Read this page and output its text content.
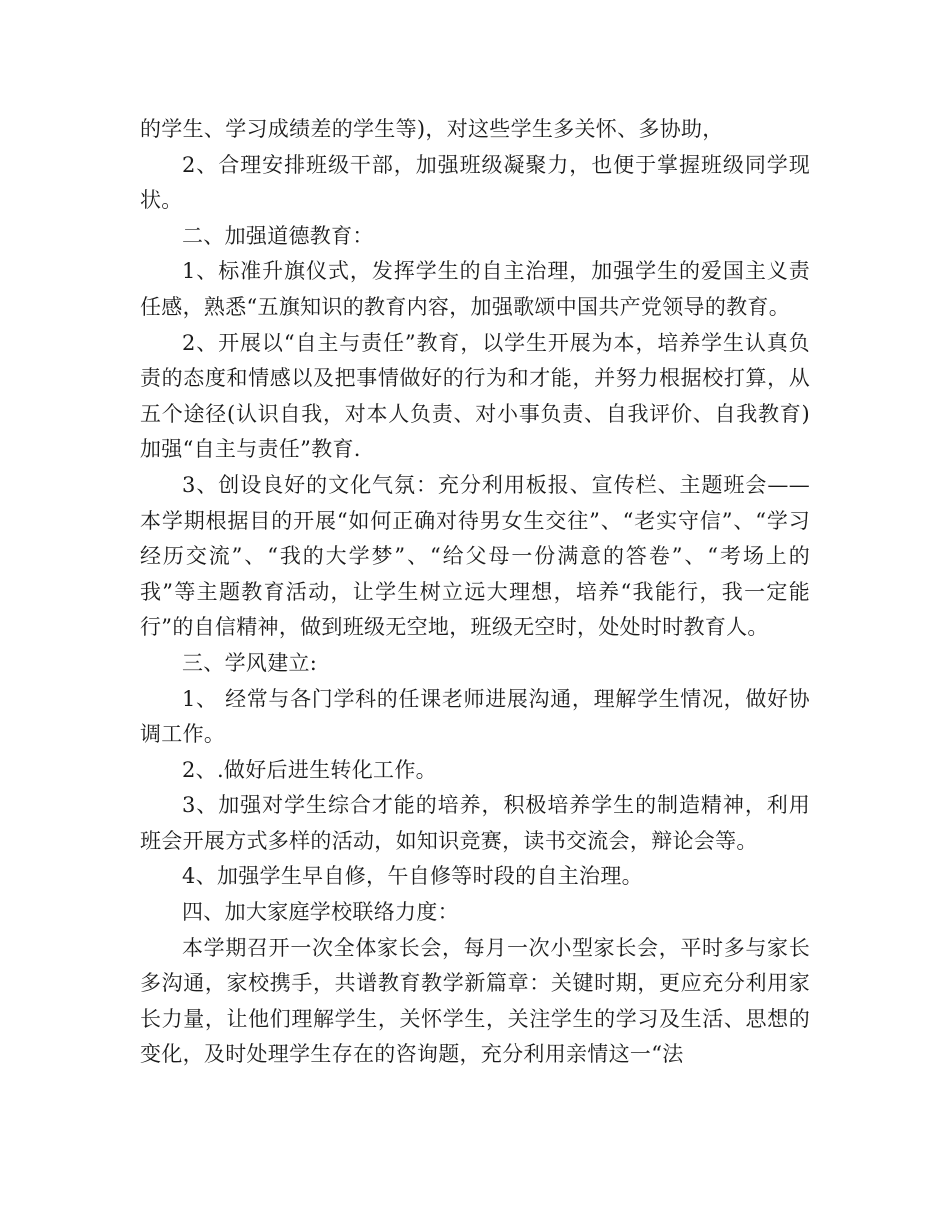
的学生、学习成绩差的学生等)，对这些学生多关怀、多协助，

2、合理安排班级干部，加强班级凝聚力，也便于掌握班级同学现状。

二、加强道德教育：

1、标准升旗仪式，发挥学生的自主治理，加强学生的爱国主义责任感，熟悉“五旗知识的教育内容，加强歌颂中国共产党领导的教育。

2、开展以“自主与责任”教育，以学生开展为本，培养学生认真负责的态度和情感以及把事情做好的行为和才能，并努力根据校打算，从五个途径(认识自我，对本人负责、对小事负责、自我评价、自我教育)加强“自主与责任”教育.

3、创设良好的文化气氛：充分利用板报、宣传栏、主题班会——本学期根据目的开展“如何正确对待男女生交往”、“老实守信”、“学习经历交流”、“我的大学梦”、“给父母一份满意的答卷”、“考场上的我”等主题教育活动，让学生树立远大理想，培养“我能行，我一定能行”的自信精神，做到班级无空地，班级无空时，处处时时教育人。

三、学风建立:

1、 经常与各门学科的任课老师进展沟通，理解学生情况，做好协调工作。

2、.做好后进生转化工作。

3、加强对学生综合才能的培养，积极培养学生的制造精神，利用班会开展方式多样的活动，如知识竞赛，读书交流会，辩论会等。

4、加强学生早自修，午自修等时段的自主治理。

四、加大家庭学校联络力度：

本学期召开一次全体家长会，每月一次小型家长会，平时多与家长多沟通，家校携手，共谱教育教学新篇章：关键时期，更应充分利用家长力量，让他们理解学生，关怀学生，关注学生的学习及生活、思想的变化，及时处理学生存在的咨询题，充分利用亲情这一“法
